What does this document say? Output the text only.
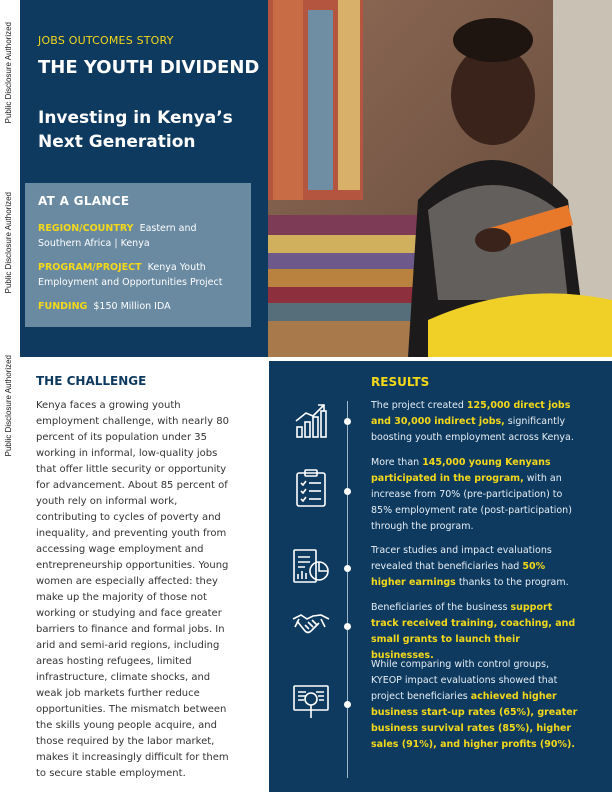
Public Disclosure Authorized
Public Disclosure Authorized
Public Disclosure Authorized
JOBS OUTCOMES STORY
THE YOUTH DIVIDEND
Investing in Kenya’s Next Generation
AT A GLANCE
REGION/COUNTRY Eastern and Southern Africa | Kenya
PROGRAM/PROJECT Kenya Youth Employment and Opportunities Project
FUNDING $150 Million IDA
THE CHALLENGE

Kenya faces a growing youth employment challenge, with nearly 80 percent of its population under 35 working in informal, low-quality jobs that offer little security or opportunity for advancement. About 85 percent of youth rely on informal work, contributing to cycles of poverty and inequality, and preventing youth from accessing wage employment and entrepreneurship opportunities. Young women are especially affected: they make up the majority of those not working or studying and face greater barriers to finance and formal jobs. In arid and semi-arid regions, including areas hosting refugees, limited infrastructure, climate shocks, and weak job markets further reduce opportunities. The mismatch between the skills young people acquire, and those required by the labor market, makes it increasingly difficult for them to secure stable employment.

RESULTS
The project created 125,000 direct jobs and 30,000 indirect jobs, significantly boosting youth employment across Kenya.
More than 145,000 young Kenyans participated in the program, with an increase from 70% (pre-participation) to 85% employment rate (post-participation) through the program.
Tracer studies and impact evaluations revealed that beneficiaries had 50% higher earnings thanks to the program.
Beneficiaries of the business support track received training, coaching, and small grants to launch their businesses.
While comparing with control groups, KYEOP impact evaluations showed that project beneficiaries achieved higher business start-up rates (65%), greater business survival rates (85%), higher sales (91%), and higher profits (90%).
